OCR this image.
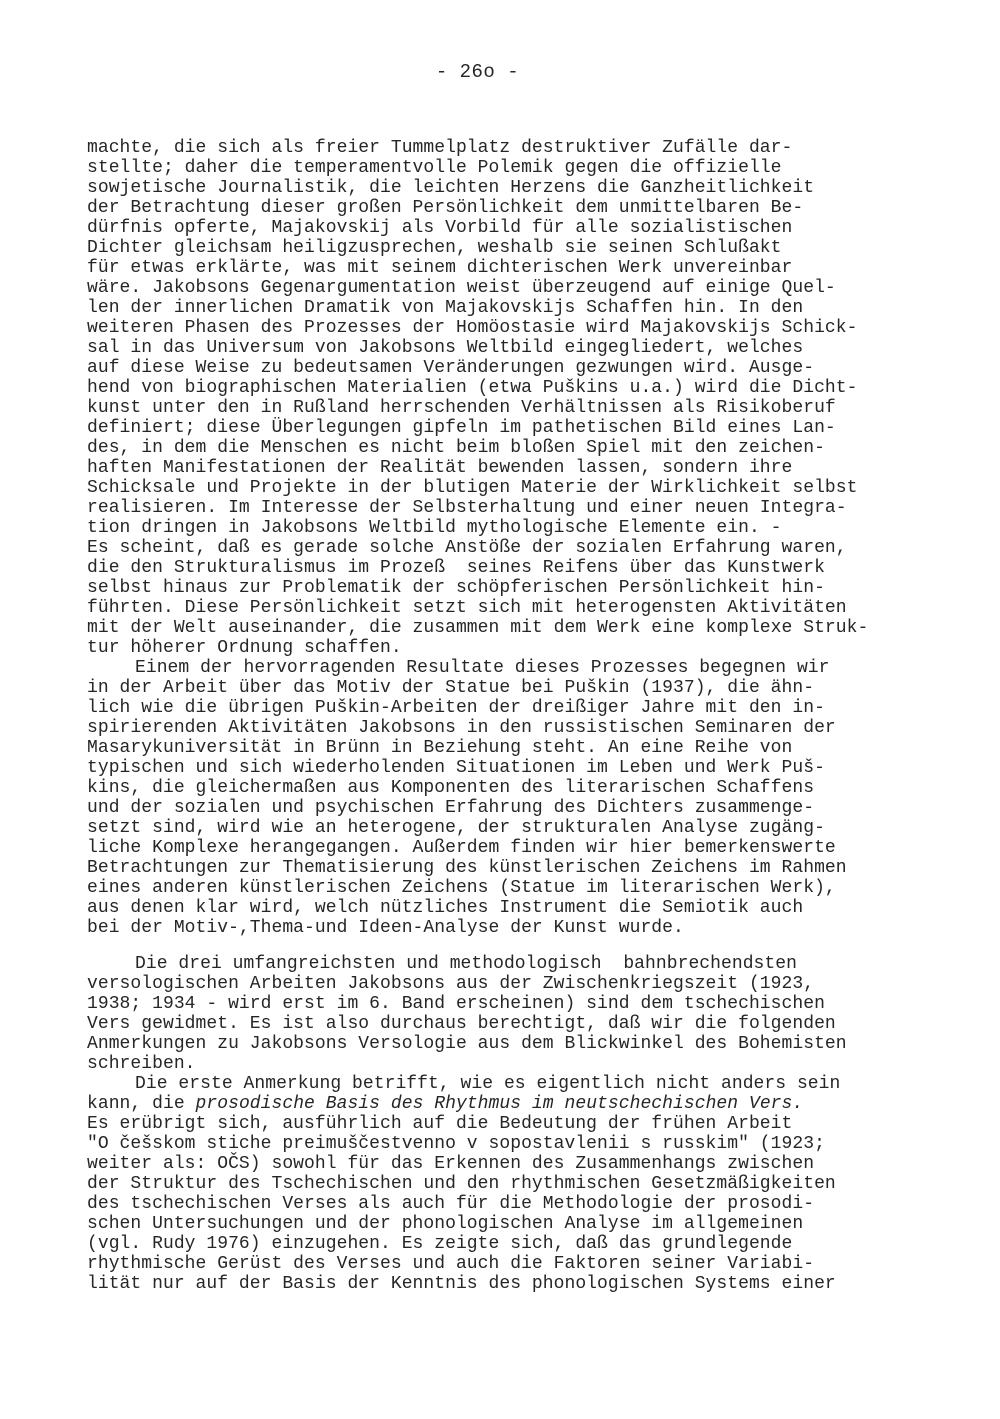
- 26o -
machte, die sich als freier Tummelplatz destruktiver Zufälle dar-
stellte; daher die temperamentvolle Polemik gegen die offizielle
sowjetische Journalistik, die leichten Herzens die Ganzheitlichkeit
der Betrachtung dieser großen Persönlichkeit dem unmittelbaren Be-
dürfnis opferte, Majakovskij als Vorbild für alle sozialistischen
Dichter gleichsam heiligzusprechen, weshalb sie seinen Schlußakt
für etwas erklärte, was mit seinem dichterischen Werk unvereinbar
wäre. Jakobsons Gegenargumentation weist überzeugend auf einige Quel-
len der innerlichen Dramatik von Majakovskijs Schaffen hin. In den
weiteren Phasen des Prozesses der Homöostasie wird Majakovskijs Schick-
sal in das Universum von Jakobsons Weltbild eingegliedert, welches
auf diese Weise zu bedeutsamen Veränderungen gezwungen wird. Ausge-
hend von biographischen Materialien (etwa Puškins u.a.) wird die Dicht-
kunst unter den in Rußland herrschenden Verhältnissen als Risikoberuf
definiert; diese Überlegungen gipfeln im pathetischen Bild eines Lan-
des, in dem die Menschen es nicht beim bloßen Spiel mit den zeichen-
haften Manifestationen der Realität bewenden lassen, sondern ihre
Schicksale und Projekte in der blutigen Materie der Wirklichkeit selbst
realisieren. Im Interesse der Selbsterhaltung und einer neuen Integra-
tion dringen in Jakobsons Weltbild mythologische Elemente ein. -
Es scheint, daß es gerade solche Anstöße der sozialen Erfahrung waren,
die den Strukturalismus im Prozeß  seines Reifens über das Kunstwerk
selbst hinaus zur Problematik der schöpferischen Persönlichkeit hin-
führten. Diese Persönlichkeit setzt sich mit heterogensten Aktivitäten
mit der Welt auseinander, die zusammen mit dem Werk eine komplexe Struk-
tur höherer Ordnung schaffen.
Einem der hervorragenden Resultate dieses Prozesses begegnen wir
in der Arbeit über das Motiv der Statue bei Puškin (1937), die ähn-
lich wie die übrigen Puškin-Arbeiten der dreißiger Jahre mit den in-
spirierenden Aktivitäten Jakobsons in den russistischen Seminaren der
Masarykuniversität in Brünn in Beziehung steht. An eine Reihe von
typischen und sich wiederholenden Situationen im Leben und Werk Puš-
kins, die gleichermaßen aus Komponenten des literarischen Schaffens
und der sozialen und psychischen Erfahrung des Dichters zusammenge-
setzt sind, wird wie an heterogene, der strukturalen Analyse zugäng-
liche Komplexe herangegangen. Außerdem finden wir hier bemerkenswerte
Betrachtungen zur Thematisierung des künstlerischen Zeichens im Rahmen
eines anderen künstlerischen Zeichens (Statue im literarischen Werk),
aus denen klar wird, welch nützliches Instrument die Semiotik auch
bei der Motiv-,Thema-und Ideen-Analyse der Kunst wurde.
Die drei umfangreichsten und methodologisch  bahnbrechendsten
versologischen Arbeiten Jakobsons aus der Zwischenkriegszeit (1923,
1938; 1934 - wird erst im 6. Band erscheinen) sind dem tschechischen
Vers gewidmet. Es ist also durchaus berechtigt, daß wir die folgenden
Anmerkungen zu Jakobsons Versologie aus dem Blickwinkel des Bohemisten
schreiben.
Die erste Anmerkung betrifft, wie es eigentlich nicht anders sein
kann, die prosodische Basis des Rhythmus im neutschechischen Vers.
Es erübrigt sich, ausführlich auf die Bedeutung der frühen Arbeit
"O češskom stiche preimuščestvenno v sopostavlenii s russkim" (1923;
weiter als: OČS) sowohl für das Erkennen des Zusammenhangs zwischen
der Struktur des Tschechischen und den rhythmischen Gesetzmäßigkeiten
des tschechischen Verses als auch für die Methodologie der prosodi-
schen Untersuchungen und der phonologischen Analyse im allgemeinen
(vgl. Rudy 1976) einzugehen. Es zeigte sich, daß das grundlegende
rhythmische Gerüst des Verses und auch die Faktoren seiner Variabi-
lität nur auf der Basis der Kenntnis des phonologischen Systems einer
